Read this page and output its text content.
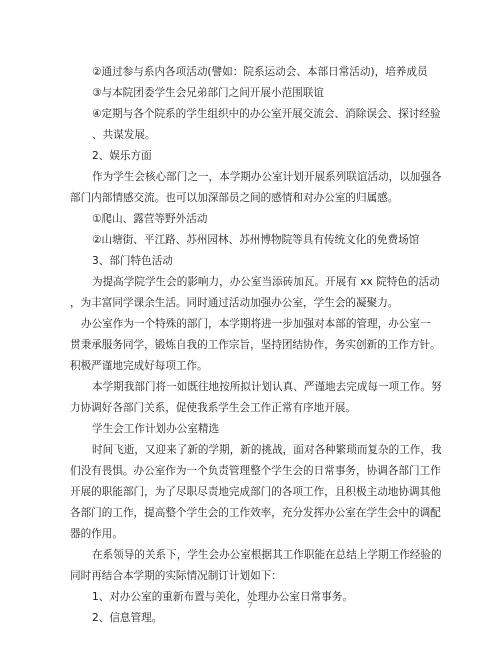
②通过参与系内各项活动(譬如：院系运动会、本部日常活动)，培养成员

③与本院团委学生会兄弟部门之间开展小范围联谊

④定期与各个院系的学生组织中的办公室开展交流会、消除误会、探讨经验

、共谋发展。

2、娱乐方面

作为学生会核心部门之一，本学期办公室计划开展系列联谊活动，以加强各

部门内部情感交流。也可以加深部员之间的感情和对办公室的归属感。

①爬山、露营等野外活动

②山塘街、平江路、苏州园林、苏州博物院等具有传统文化的免费场馆

3、部门特色活动

为提高学院学生会的影响力，办公室当添砖加瓦。开展有 xx 院特色的活动

，为丰富同学课余生活。同时通过活动加强办公室，学生会的凝聚力。

办公室作为一个特殊的部门，本学期将进一步加强对本部的管理，办公室一

贯秉承服务同学，锻炼自我的工作宗旨，坚持团结协作，务实创新的工作方针。

积极严谨地完成好每项工作。

本学期我部门将一如既往地按所拟计划认真、严谨地去完成每一项工作。努

力协调好各部门关系，促使我系学生会工作正常有序地开展。

学生会工作计划办公室精选

时间飞逝，又迎来了新的学期，新的挑战，面对各种繁琐而复杂的工作，我

们没有畏惧。办公室作为一个负责管理整个学生会的日常事务，协调各部门工作

开展的职能部门，为了尽职尽责地完成部门的各项工作，且积极主动地协调其他

各部门的工作，提高整个学生会的工作效率，充分发挥办公室在学生会中的调配

器的作用。

在系领导的关系下，学生会办公室根据其工作职能在总结上学期工作经验的

同时再结合本学期的实际情况制订计划如下：

1、对办公室的重新布置与美化，处理办公室日常事务。

2、信息管理。

7
